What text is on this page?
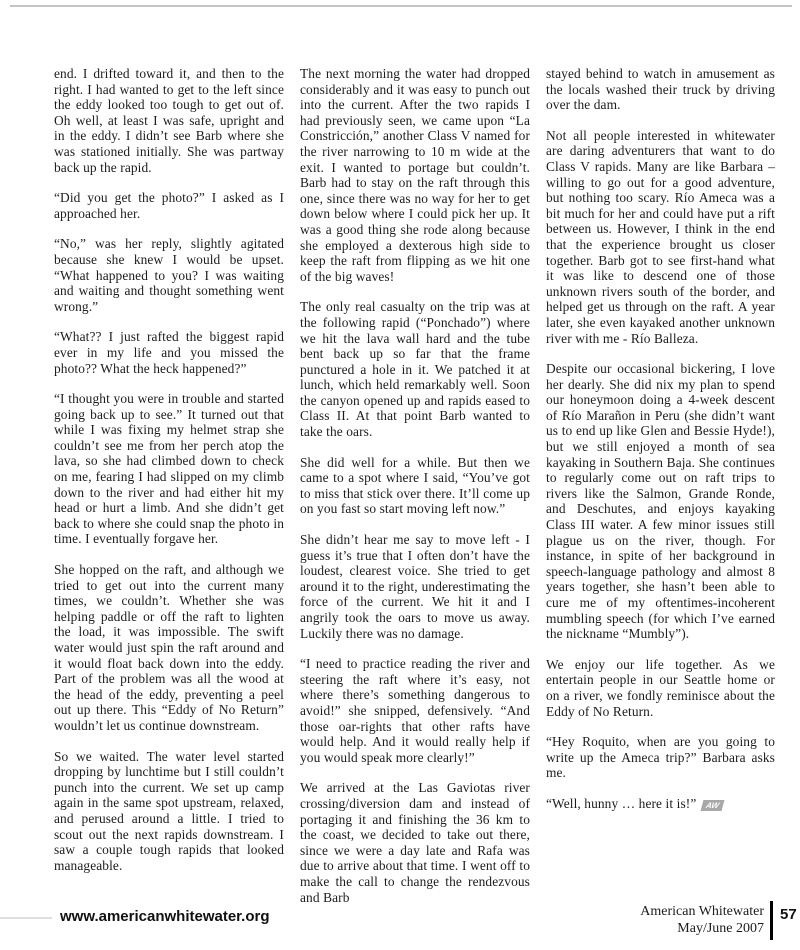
end. I drifted toward it, and then to the right. I had wanted to get to the left since the eddy looked too tough to get out of. Oh well, at least I was safe, upright and in the eddy. I didn’t see Barb where she was stationed initially. She was partway back up the rapid.

“Did you get the photo?” I asked as I approached her.

“No,” was her reply, slightly agitated because she knew I would be upset. “What happened to you? I was waiting and waiting and thought something went wrong.”

“What?? I just rafted the biggest rapid ever in my life and you missed the photo?? What the heck happened?”

“I thought you were in trouble and started going back up to see.” It turned out that while I was fixing my helmet strap she couldn’t see me from her perch atop the lava, so she had climbed down to check on me, fearing I had slipped on my climb down to the river and had either hit my head or hurt a limb. And she didn’t get back to where she could snap the photo in time. I eventually forgave her.

She hopped on the raft, and although we tried to get out into the current many times, we couldn’t. Whether she was helping paddle or off the raft to lighten the load, it was impossible. The swift water would just spin the raft around and it would float back down into the eddy. Part of the problem was all the wood at the head of the eddy, preventing a peel out up there. This “Eddy of No Return” wouldn’t let us continue downstream.

So we waited. The water level started dropping by lunchtime but I still couldn’t punch into the current. We set up camp again in the same spot upstream, relaxed, and perused around a little. I tried to scout out the next rapids downstream. I saw a couple tough rapids that looked manageable.

The next morning the water had dropped considerably and it was easy to punch out into the current. After the two rapids I had previously seen, we came upon “La Constricción,” another Class V named for the river narrowing to 10 m wide at the exit. I wanted to portage but couldn’t. Barb had to stay on the raft through this one, since there was no way for her to get down below where I could pick her up. It was a good thing she rode along because she employed a dexterous high side to keep the raft from flipping as we hit one of the big waves!

The only real casualty on the trip was at the following rapid (“Ponchado”) where we hit the lava wall hard and the tube bent back up so far that the frame punctured a hole in it. We patched it at lunch, which held remarkably well. Soon the canyon opened up and rapids eased to Class II. At that point Barb wanted to take the oars.

She did well for a while. But then we came to a spot where I said, “You’ve got to miss that stick over there. It’ll come up on you fast so start moving left now.”

She didn’t hear me say to move left - I guess it’s true that I often don’t have the loudest, clearest voice. She tried to get around it to the right, underestimating the force of the current. We hit it and I angrily took the oars to move us away. Luckily there was no damage.

“I need to practice reading the river and steering the raft where it’s easy, not where there’s something dangerous to avoid!” she snipped, defensively. “And those oar-rights that other rafts have would help. And it would really help if you would speak more clearly!”

We arrived at the Las Gaviotas river crossing/diversion dam and instead of portaging it and finishing the 36 km to the coast, we decided to take out there, since we were a day late and Rafa was due to arrive about that time. I went off to make the call to change the rendezvous and Barb

stayed behind to watch in amusement as the locals washed their truck by driving over the dam.

Not all people interested in whitewater are daring adventurers that want to do Class V rapids. Many are like Barbara – willing to go out for a good adventure, but nothing too scary. Río Ameca was a bit much for her and could have put a rift between us. However, I think in the end that the experience brought us closer together. Barb got to see first-hand what it was like to descend one of those unknown rivers south of the border, and helped get us through on the raft. A year later, she even kayaked another unknown river with me - Río Balleza.

Despite our occasional bickering, I love her dearly. She did nix my plan to spend our honeymoon doing a 4-week descent of Río Marañon in Peru (she didn’t want us to end up like Glen and Bessie Hyde!), but we still enjoyed a month of sea kayaking in Southern Baja. She continues to regularly come out on raft trips to rivers like the Salmon, Grande Ronde, and Deschutes, and enjoys kayaking Class III water. A few minor issues still plague us on the river, though. For instance, in spite of her background in speech-language pathology and almost 8 years together, she hasn’t been able to cure me of my oftentimes-incoherent mumbling speech (for which I’ve earned the nickname “Mumbly”).

We enjoy our life together. As we entertain people in our Seattle home or on a river, we fondly reminisce about the Eddy of No Return.

“Hey Roquito, when are you going to write up the Ameca trip?” Barbara asks me.

“Well, hunny … here it is!” AW

www.americanwhitewater.org	American Whitewater
May/June 2007
57
